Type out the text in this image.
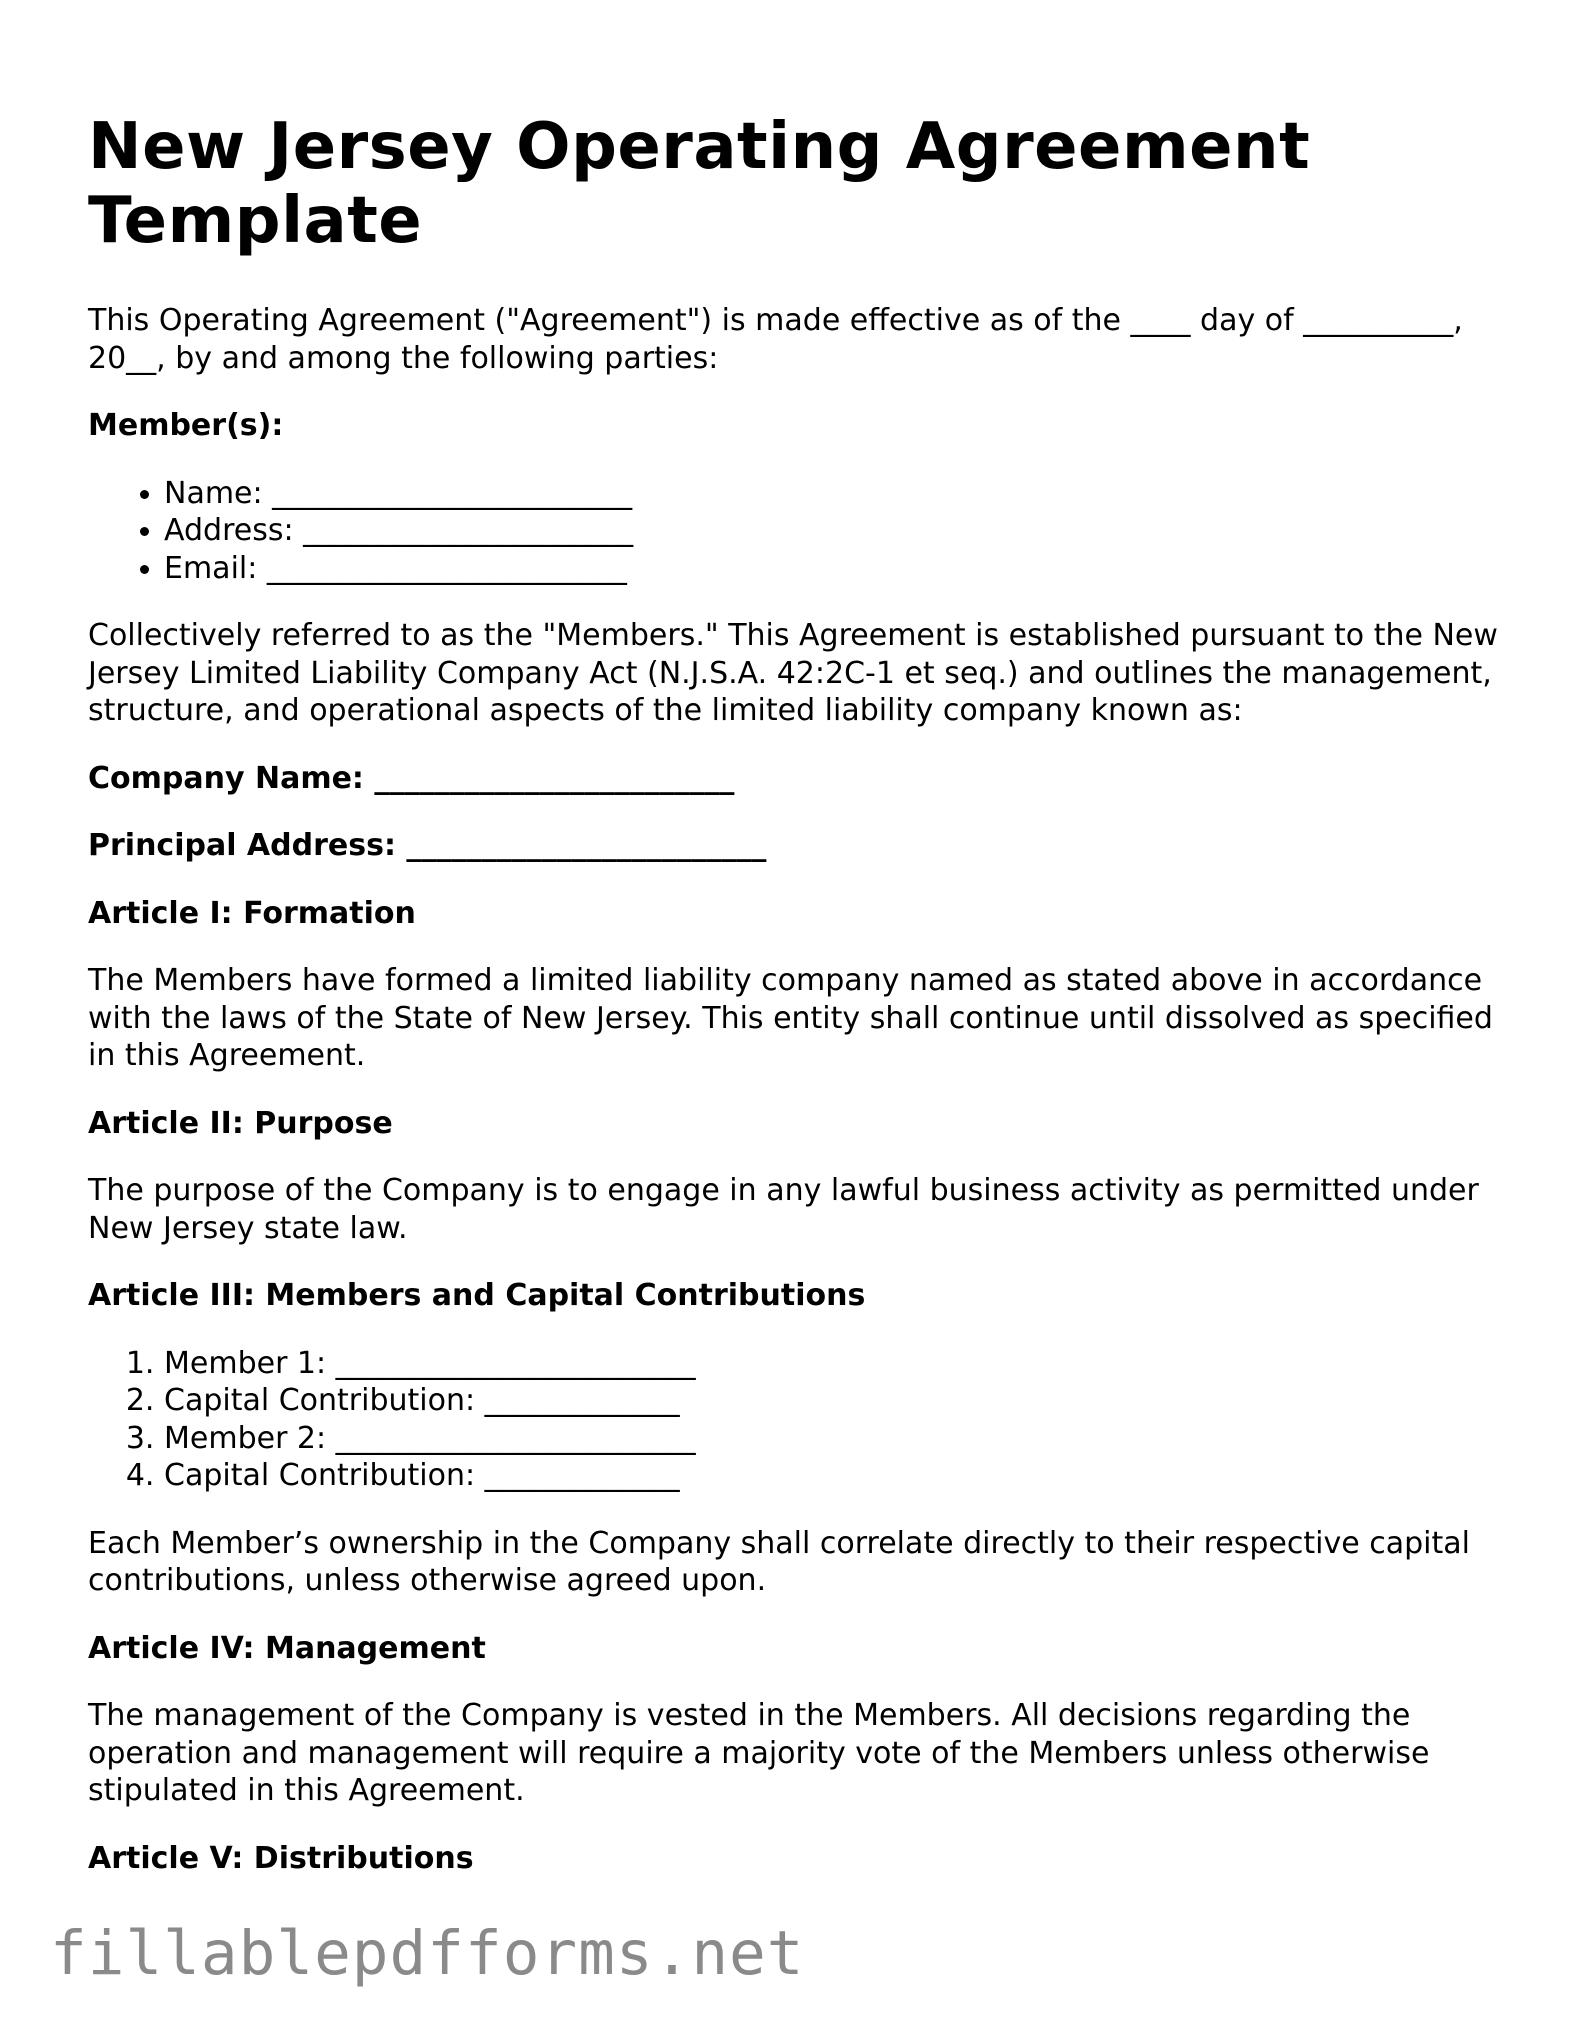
New Jersey Operating Agreement Template

This Operating Agreement ("Agreement") is made effective as of the ____ day of __________, 20__, by and among the following parties:

Member(s):
• Name: ________________________
• Address: ______________________
• Email: ________________________

Collectively referred to as the "Members." This Agreement is established pursuant to the New Jersey Limited Liability Company Act (N.J.S.A. 42:2C-1 et seq.) and outlines the management, structure, and operational aspects of the limited liability company known as:

Company Name: ________________________
Principal Address: ________________________
Article I: Formation

The Members have formed a limited liability company named as stated above in accordance with the laws of the State of New Jersey. This entity shall continue until dissolved as specified in this Agreement.

Article II: Purpose

The purpose of the Company is to engage in any lawful business activity as permitted under New Jersey state law.

Article III: Members and Capital Contributions
1. Member 1: ________________________
2. Capital Contribution: _____________
3. Member 2: ________________________
4. Capital Contribution: _____________

Each Member’s ownership in the Company shall correlate directly to their respective capital contributions, unless otherwise agreed upon.

Article IV: Management

The management of the Company is vested in the Members. All decisions regarding the operation and management will require a majority vote of the Members unless otherwise stipulated in this Agreement.

Article V: Distributions
fillablepdfforms.net
